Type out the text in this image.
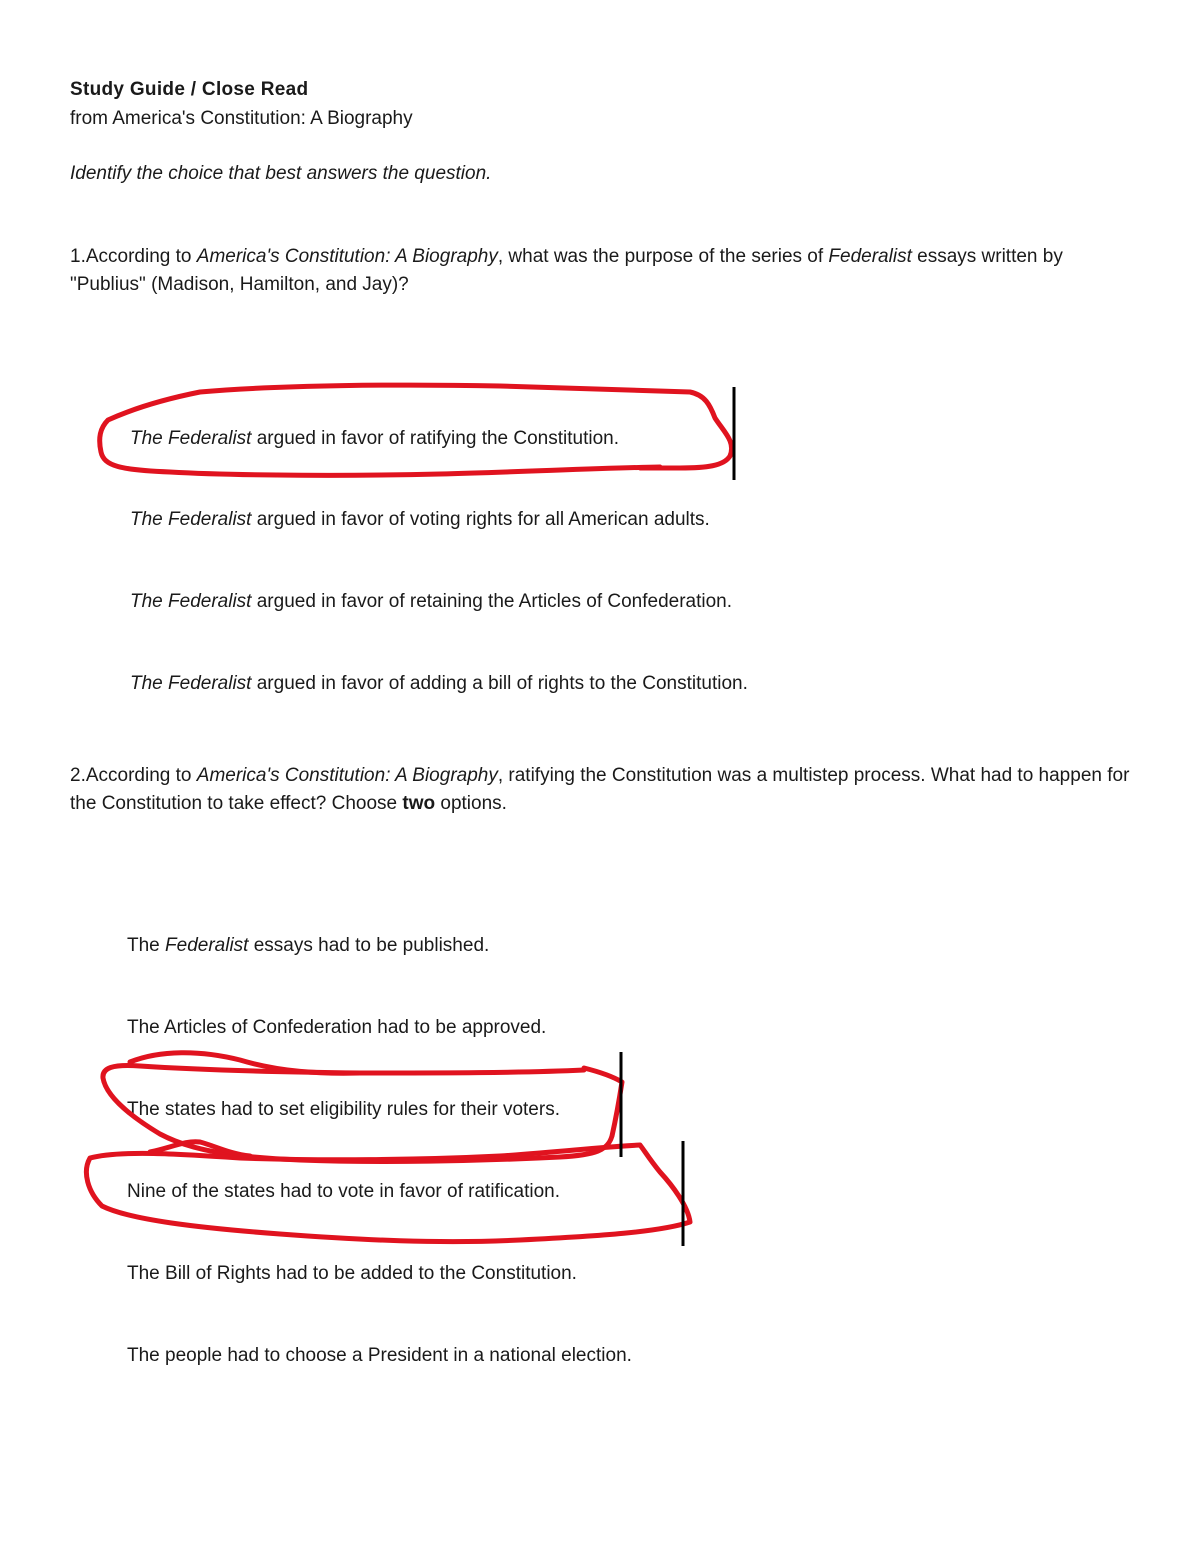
Study Guide / Close Read

from America's Constitution: A Biography

Identify the choice that best answers the question.

1.According to America's Constitution: A Biography, what was the purpose of the series of Federalist essays written by "Publius" (Madison, Hamilton, and Jay)?

The Federalist argued in favor of ratifying the Constitution.

The Federalist argued in favor of voting rights for all American adults.

The Federalist argued in favor of retaining the Articles of Confederation.

The Federalist argued in favor of adding a bill of rights to the Constitution.

2.According to America's Constitution: A Biography, ratifying the Constitution was a multistep process. What had to happen for the Constitution to take effect? Choose two options.

The Federalist essays had to be published.

The Articles of Confederation had to be approved.

The states had to set eligibility rules for their voters.

Nine of the states had to vote in favor of ratification.

The Bill of Rights had to be added to the Constitution.

The people had to choose a President in a national election.
